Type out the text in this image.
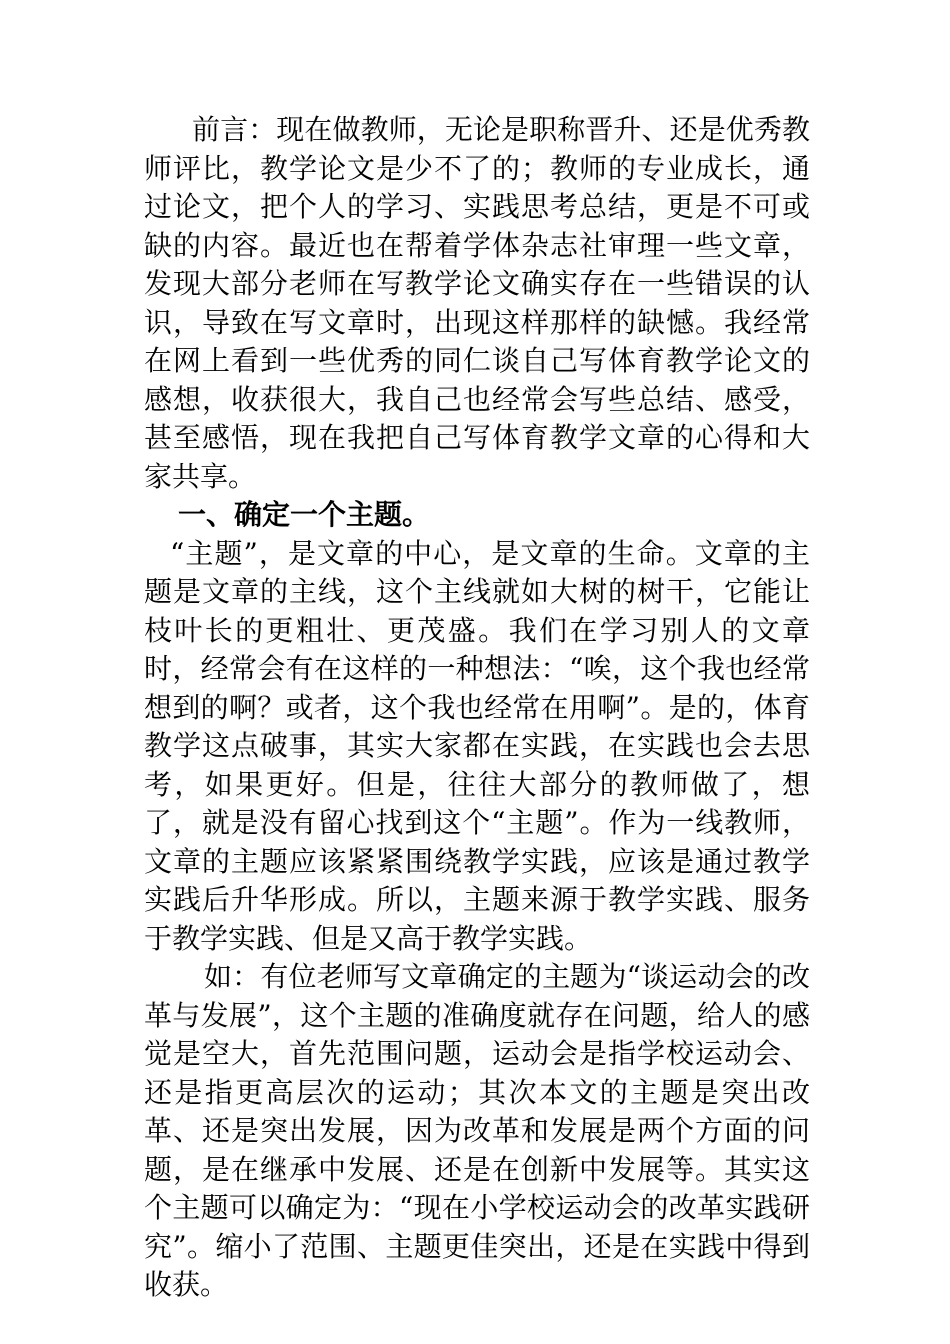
前言：现在做教师，无论是职称晋升、还是优秀教师评比，教学论文是少不了的；教师的专业成长，通过论文，把个人的学习、实践思考总结，更是不可或缺的内容。最近也在帮着学体杂志社审理一些文章，发现大部分老师在写教学论文确实存在一些错误的认识，导致在写文章时，出现这样那样的缺憾。我经常在网上看到一些优秀的同仁谈自己写体育教学论文的感想，收获很大，我自己也经常会写些总结、感受，甚至感悟，现在我把自己写体育教学文章的心得和大家共享。

一、确定一个主题。

“主题”，是文章的中心，是文章的生命。文章的主题是文章的主线，这个主线就如大树的树干，它能让枝叶长的更粗壮、更茂盛。我们在学习别人的文章时，经常会有在这样的一种想法：“唉，这个我也经常想到的啊？或者，这个我也经常在用啊”。是的，体育教学这点破事，其实大家都在实践，在实践也会去思考，如果更好。但是，往往大部分的教师做了，想了，就是没有留心找到这个“主题”。作为一线教师，文章的主题应该紧紧围绕教学实践，应该是通过教学实践后升华形成。所以，主题来源于教学实践、服务于教学实践、但是又高于教学实践。

如：有位老师写文章确定的主题为“谈运动会的改革与发展”，这个主题的准确度就存在问题，给人的感觉是空大，首先范围问题，运动会是指学校运动会、还是指更高层次的运动；其次本文的主题是突出改革、还是突出发展，因为改革和发展是两个方面的问题，是在继承中发展、还是在创新中发展等。其实这个主题可以确定为：“现在小学校运动会的改革实践研究”。缩小了范围、主题更佳突出，还是在实践中得到收获。
